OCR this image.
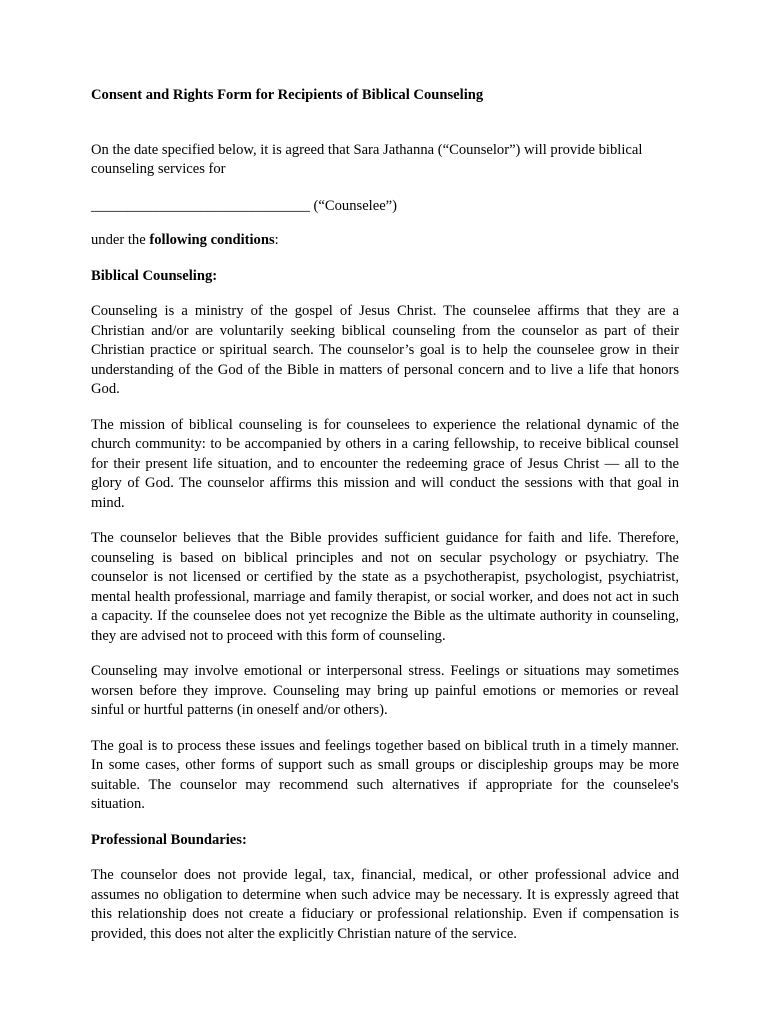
Consent and Rights Form for Recipients of Biblical Counseling

On the date specified below, it is agreed that Sara Jathanna (“Counselor”) will provide biblical counseling services for

______________________________ (“Counselee”)

under the following conditions:

Biblical Counseling:

Counseling is a ministry of the gospel of Jesus Christ. The counselee affirms that they are a Christian and/or are voluntarily seeking biblical counseling from the counselor as part of their Christian practice or spiritual search. The counselor’s goal is to help the counselee grow in their understanding of the God of the Bible in matters of personal concern and to live a life that honors God.

The mission of biblical counseling is for counselees to experience the relational dynamic of the church community: to be accompanied by others in a caring fellowship, to receive biblical counsel for their present life situation, and to encounter the redeeming grace of Jesus Christ — all to the glory of God. The counselor affirms this mission and will conduct the sessions with that goal in mind.

The counselor believes that the Bible provides sufficient guidance for faith and life. Therefore, counseling is based on biblical principles and not on secular psychology or psychiatry. The counselor is not licensed or certified by the state as a psychotherapist, psychologist, psychiatrist, mental health professional, marriage and family therapist, or social worker, and does not act in such a capacity. If the counselee does not yet recognize the Bible as the ultimate authority in counseling, they are advised not to proceed with this form of counseling.

Counseling may involve emotional or interpersonal stress. Feelings or situations may sometimes worsen before they improve. Counseling may bring up painful emotions or memories or reveal sinful or hurtful patterns (in oneself and/or others).

The goal is to process these issues and feelings together based on biblical truth in a timely manner. In some cases, other forms of support such as small groups or discipleship groups may be more suitable. The counselor may recommend such alternatives if appropriate for the counselee's situation.

Professional Boundaries:

The counselor does not provide legal, tax, financial, medical, or other professional advice and assumes no obligation to determine when such advice may be necessary. It is expressly agreed that this relationship does not create a fiduciary or professional relationship. Even if compensation is provided, this does not alter the explicitly Christian nature of the service.
